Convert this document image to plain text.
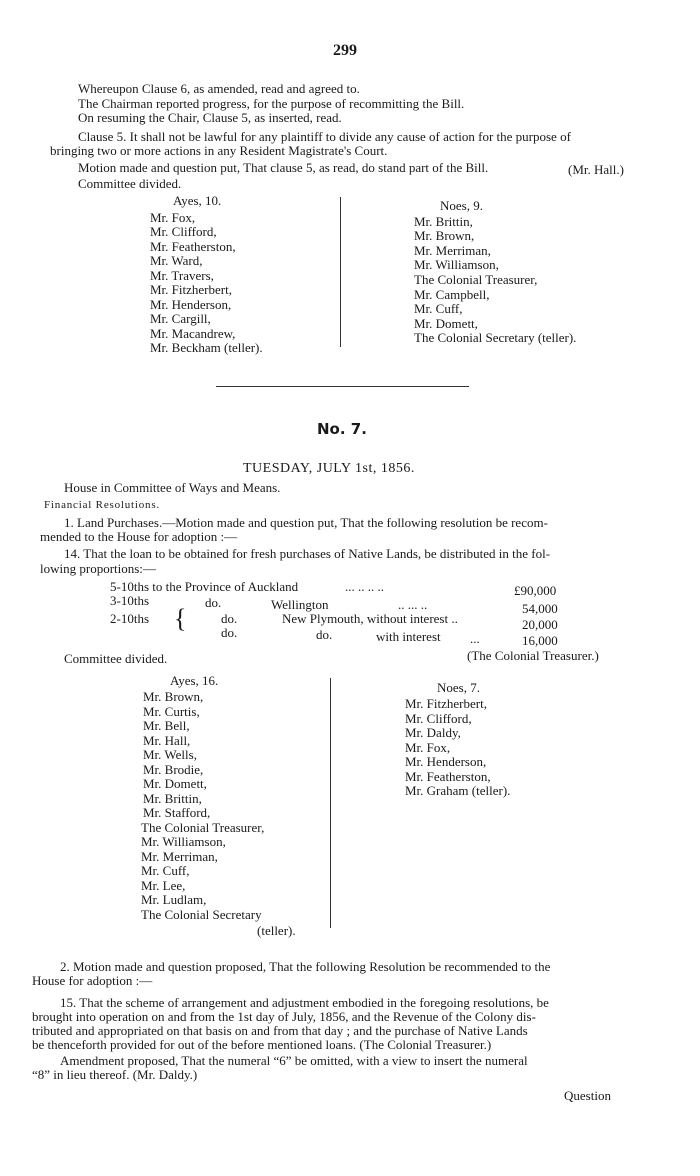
299
Whereupon Clause 6, as amended, read and agreed to.
The Chairman reported progress, for the purpose of recommitting the Bill.
On resuming the Chair, Clause 5, as inserted, read.
Clause 5. It shall not be lawful for any plaintiff to divide any cause of action for the purpose of
bringing two or more actions in any Resident Magistrate's Court.
Motion made and question put, That clause 5, as read, do stand part of the Bill.	(Mr. Hall.)
Committee divided.
Ayes, 10.
Mr. Fox,
Mr. Clifford,
Mr. Featherston,
Mr. Ward,
Mr. Travers,
Mr. Fitzherbert,
Mr. Henderson,
Mr. Cargill,
Mr. Macandrew,
Mr. Beckham (teller).
Noes, 9.
Mr. Brittin,
Mr. Brown,
Mr. Merriman,
Mr. Williamson,
The Colonial Treasurer,
Mr. Campbell,
Mr. Cuff,
Mr. Domett,
The Colonial Secretary (teller).
No. 7.
TUESDAY, JULY 1st, 1856.
House in Committee of Ways and Means.
Financial Resolutions.
1. Land Purchases.—Motion made and question put, That the following resolution be recom-
mended to the House for adoption :—
14. That the loan to be obtained for fresh purchases of Native Lands, be distributed in the fol-
lowing proportions:—
5-10ths to the Province of Auckland	... .. .. ..	£90,000
3-10ths	do.	Wellington	.. ... ..	54,000
2-10ths {	do.	New Plymouth, without interest ..	20,000
do.	do.	with interest ...	16,000
(The Colonial Treasurer.)
Committee divided.
Ayes, 16.
Mr. Brown,
Mr. Curtis,
Mr. Bell,
Mr. Hall,
Mr. Wells,
Mr. Brodie,
Mr. Domett,
Mr. Brittin,
Mr. Stafford,
The Colonial Treasurer,
Mr. Williamson,
Mr. Merriman,
Mr. Cuff,
Mr. Lee,
Mr. Ludlam,
The Colonial Secretary
(teller).
Noes, 7.
Mr. Fitzherbert,
Mr. Clifford,
Mr. Daldy,
Mr. Fox,
Mr. Henderson,
Mr. Featherston,
Mr. Graham (teller).
2. Motion made and question proposed, That the following Resolution be recommended to the
House for adoption :—
15. That the scheme of arrangement and adjustment embodied in the foregoing resolutions, be
brought into operation on and from the 1st day of July, 1856, and the Revenue of the Colony dis-
tributed and appropriated on that basis on and from that day ; and the purchase of Native Lands
be thenceforth provided for out of the before mentioned loans. (The Colonial Treasurer.)
Amendment proposed, That the numeral “6” be omitted, with a view to insert the numeral
“8” in lieu thereof. (Mr. Daldy.)
Question
